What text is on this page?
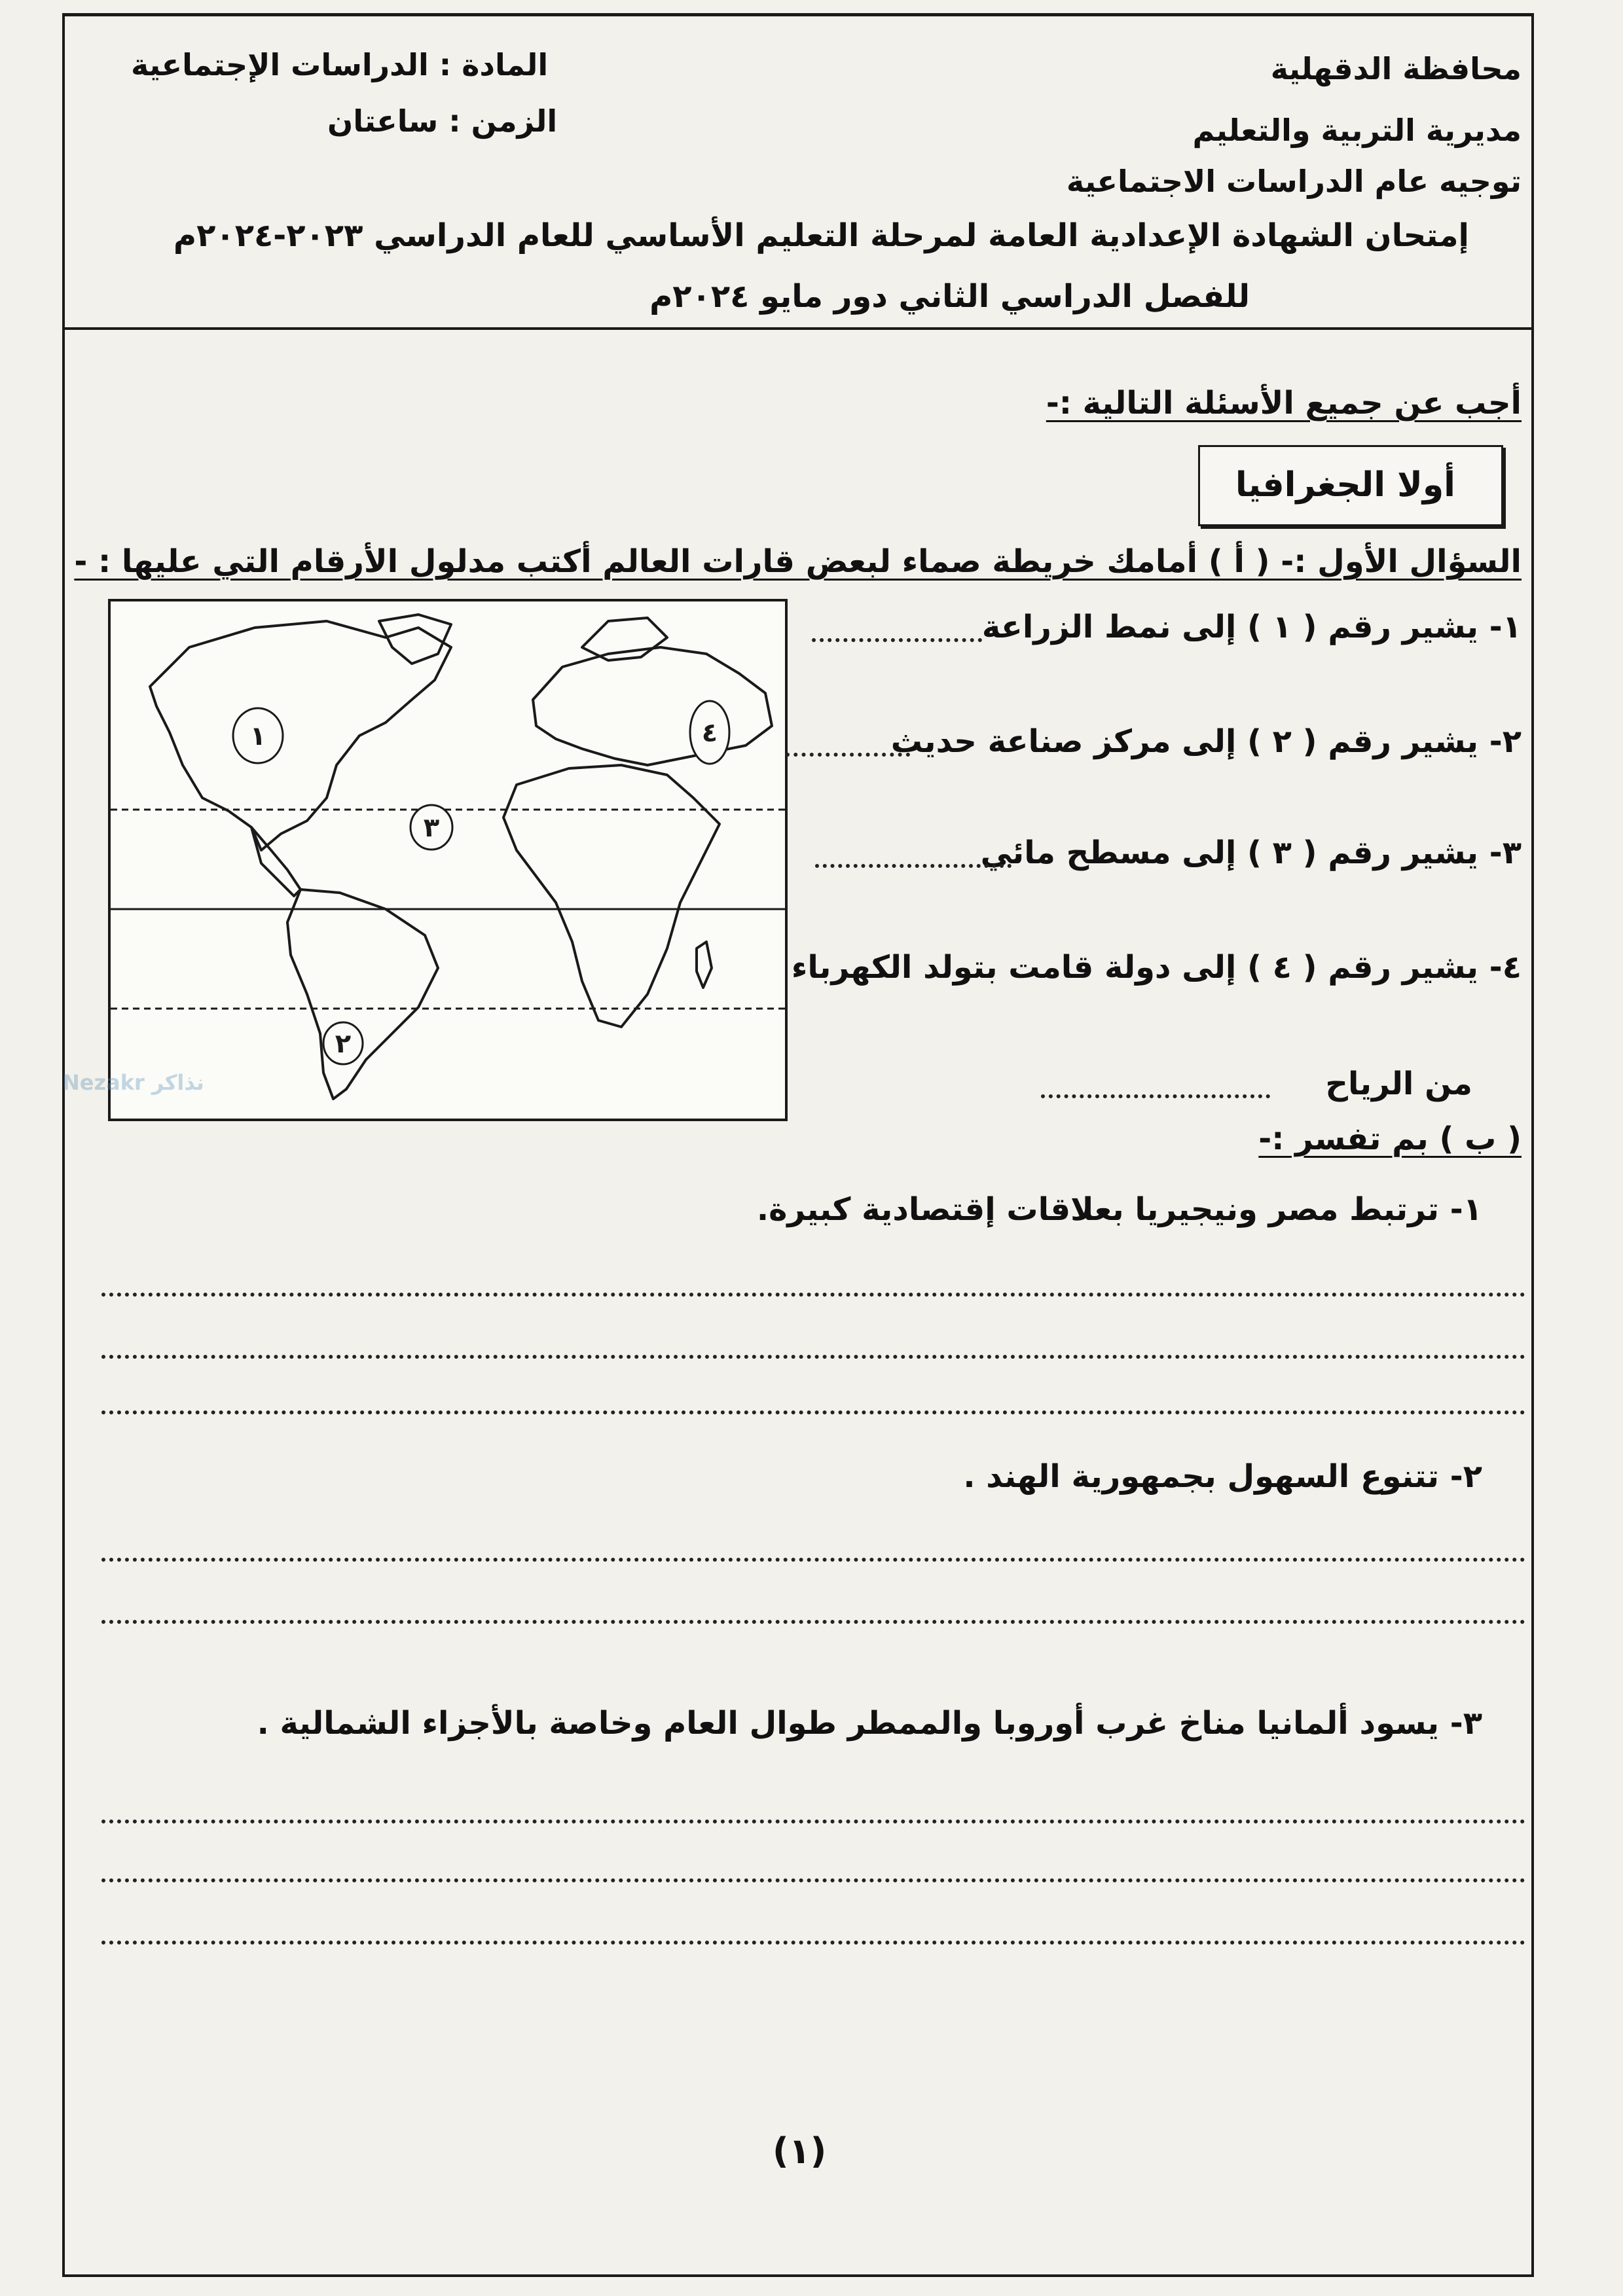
محافظة الدقهلية
مديرية التربية والتعليم
توجيه عام الدراسات الاجتماعية
المادة : الدراسات الإجتماعية
الزمن : ساعتان
إمتحان الشهادة الإعدادية العامة لمرحلة التعليم الأساسي للعام الدراسي ٢٠٢٣-٢٠٢٤م
للفصل الدراسي الثاني دور مايو ٢٠٢٤م
أجب عن جميع الأسئلة التالية :-
أولا الجغرافيا
السؤال الأول :- ( أ ) أمامك خريطة صماء لبعض قارات العالم أكتب مدلول الأرقام التي عليها : -
١
٢
٣
٤
١- يشير رقم ( ١ ) إلى نمط الزراعة
٢- يشير رقم ( ٢ ) إلى مركز صناعة حديث
٣- يشير رقم ( ٣ ) إلى مسطح مائي
٤- يشير رقم ( ٤ ) إلى دولة قامت بتولد الكهرباء
من الرياح
Nezakr نذاكر
( ب ) بم تفسر :-
١- ترتبط مصر ونيجيريا بعلاقات إقتصادية كبيرة.
٢- تتنوع السهول بجمهورية الهند .
٣- يسود ألمانيا مناخ غرب أوروبا والممطر طوال العام وخاصة بالأجزاء الشمالية .
(١)
